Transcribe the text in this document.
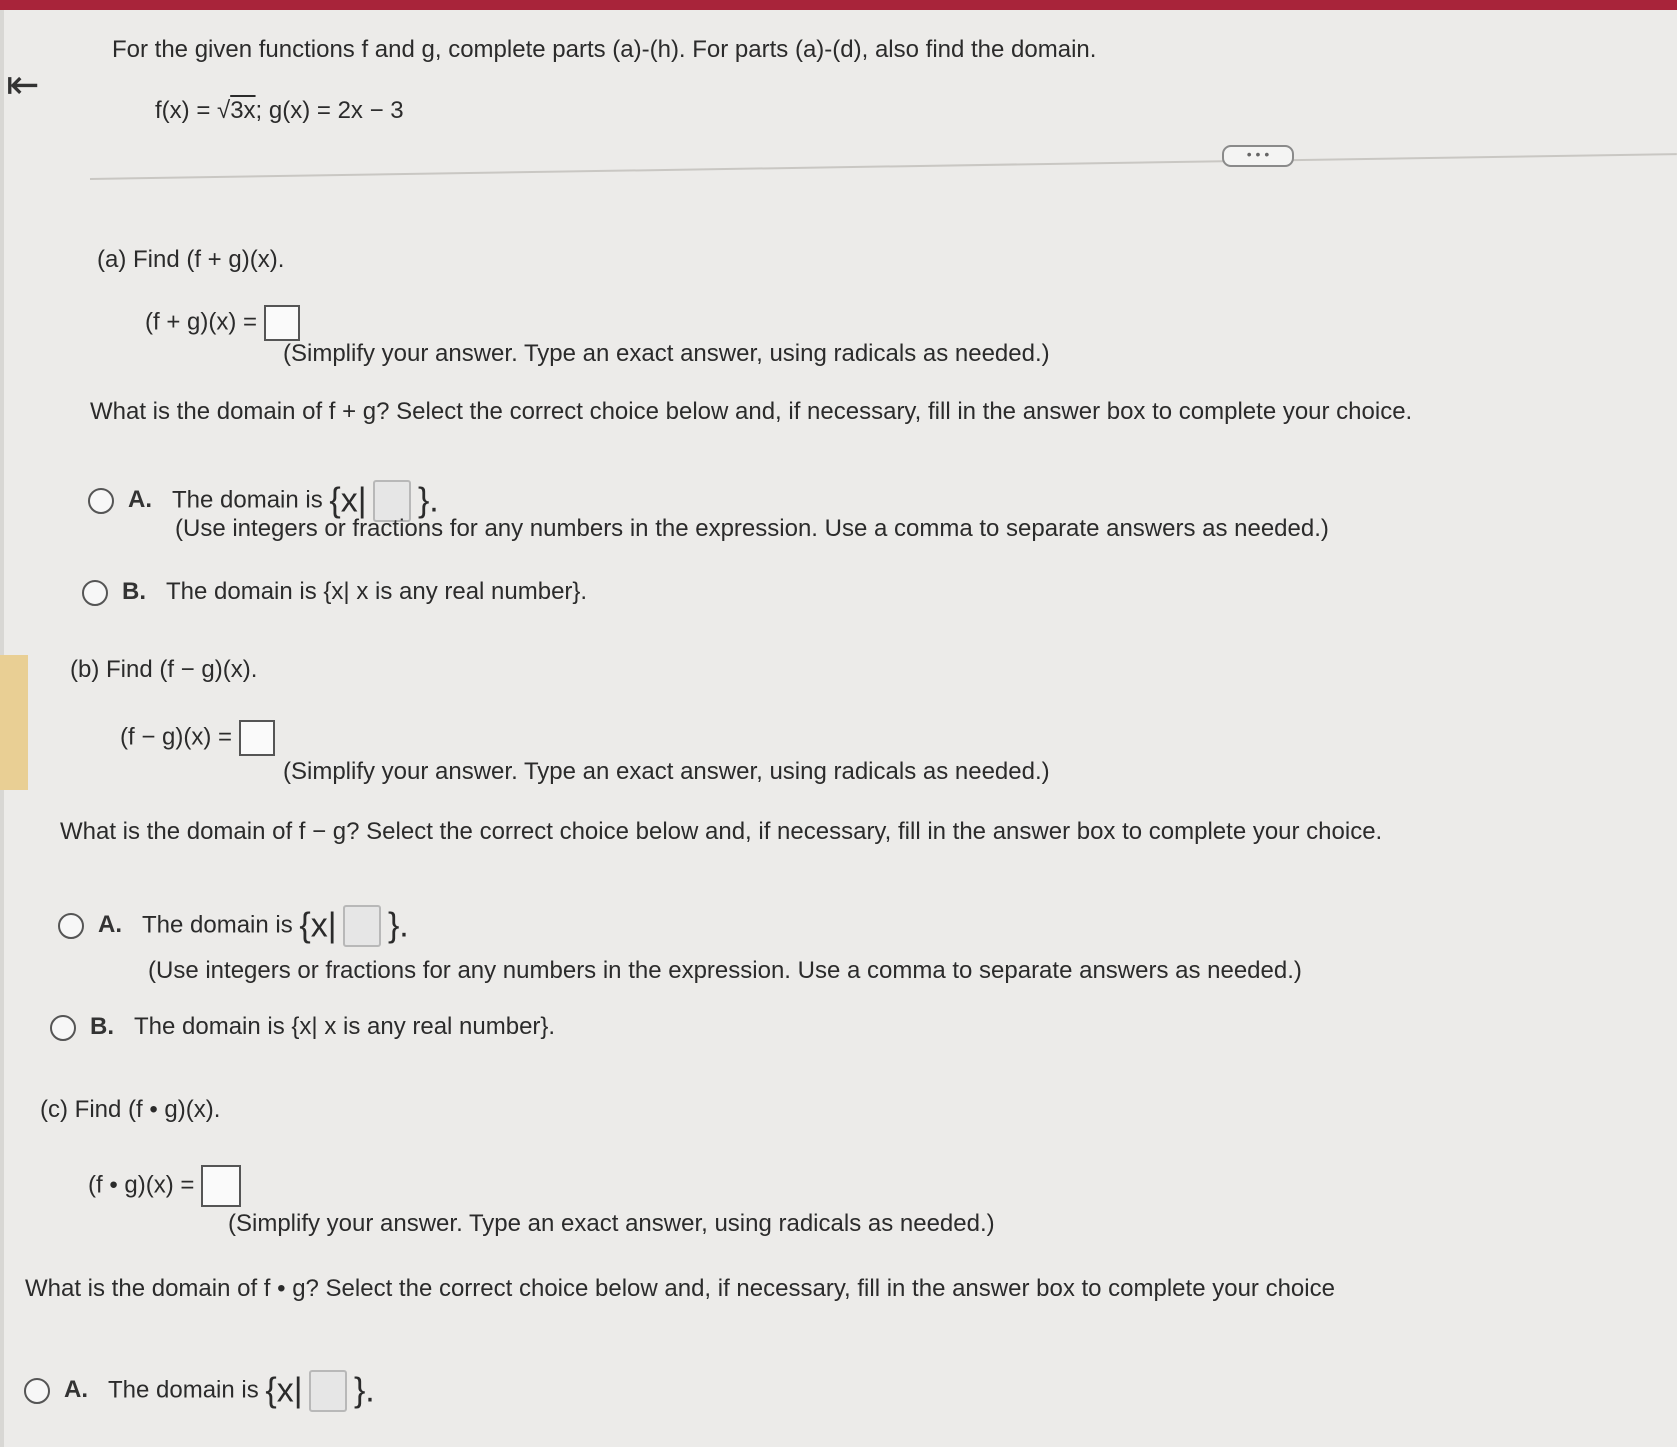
⇤
For the given functions f and g, complete parts (a)-(h). For parts (a)-(d), also find the domain.
f(x) = √3x; g(x) = 2x − 3
• • •
(a) Find (f + g)(x).
(f + g)(x) =
(Simplify your answer. Type an exact answer, using radicals as needed.)
What is the domain of f + g? Select the correct choice below and, if necessary, fill in the answer box to complete your choice.
A. The domain is {x| }.
(Use integers or fractions for any numbers in the expression. Use a comma to separate answers as needed.)
B. The domain is {x| x is any real number}.
(b) Find (f − g)(x).
(f − g)(x) =
(Simplify your answer. Type an exact answer, using radicals as needed.)
What is the domain of f − g? Select the correct choice below and, if necessary, fill in the answer box to complete your choice.
A. The domain is {x| }.
(Use integers or fractions for any numbers in the expression. Use a comma to separate answers as needed.)
B. The domain is {x| x is any real number}.
(c) Find (f • g)(x).
(f • g)(x) =
(Simplify your answer. Type an exact answer, using radicals as needed.)
What is the domain of f • g? Select the correct choice below and, if necessary, fill in the answer box to complete your choice
A. The domain is {x| }.
